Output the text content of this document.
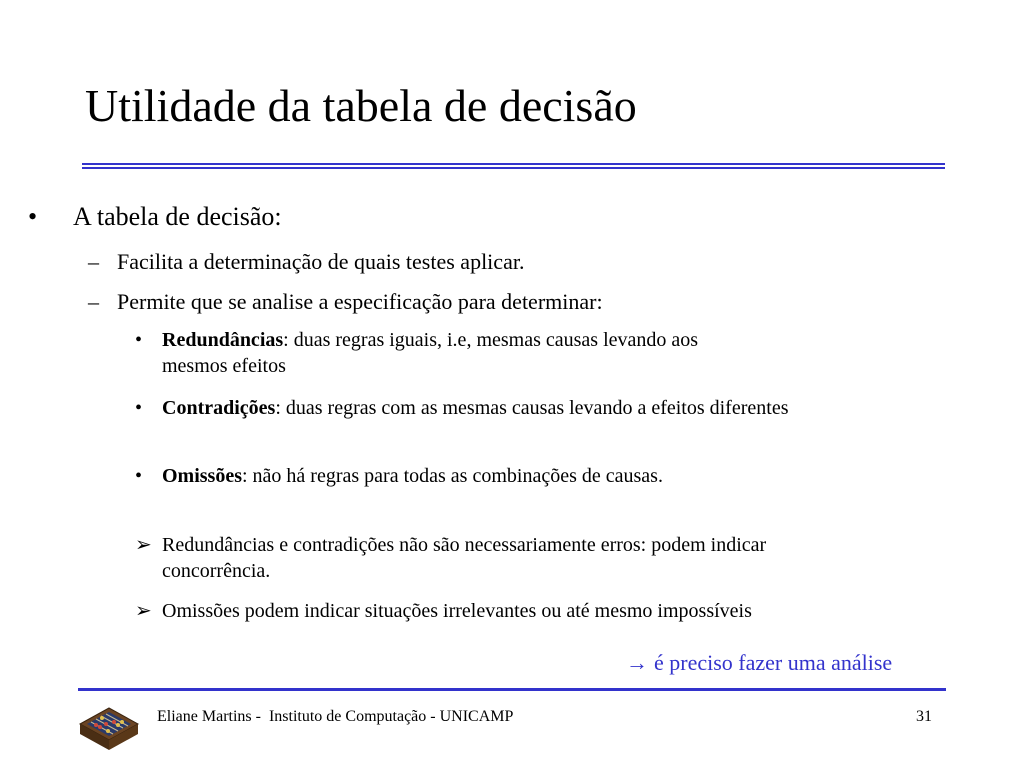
Utilidade da tabela de decisão
• A tabela de decisão:
– Facilita a determinação de quais testes aplicar.
– Permite que se analise a especificação para determinar:
• Redundâncias: duas regras iguais, i.e, mesmas causas levando aos mesmos efeitos
• Contradições: duas regras com as mesmas causas levando a efeitos diferentes
• Omissões: não há regras para todas as combinações de causas.
➢ Redundâncias e contradições não são necessariamente erros: podem indicar concorrência.
➢ Omissões podem indicar situações irrelevantes ou até mesmo impossíveis
→ é preciso fazer uma análise
Eliane Martins -  Instituto de Computação - UNICAMP	31
